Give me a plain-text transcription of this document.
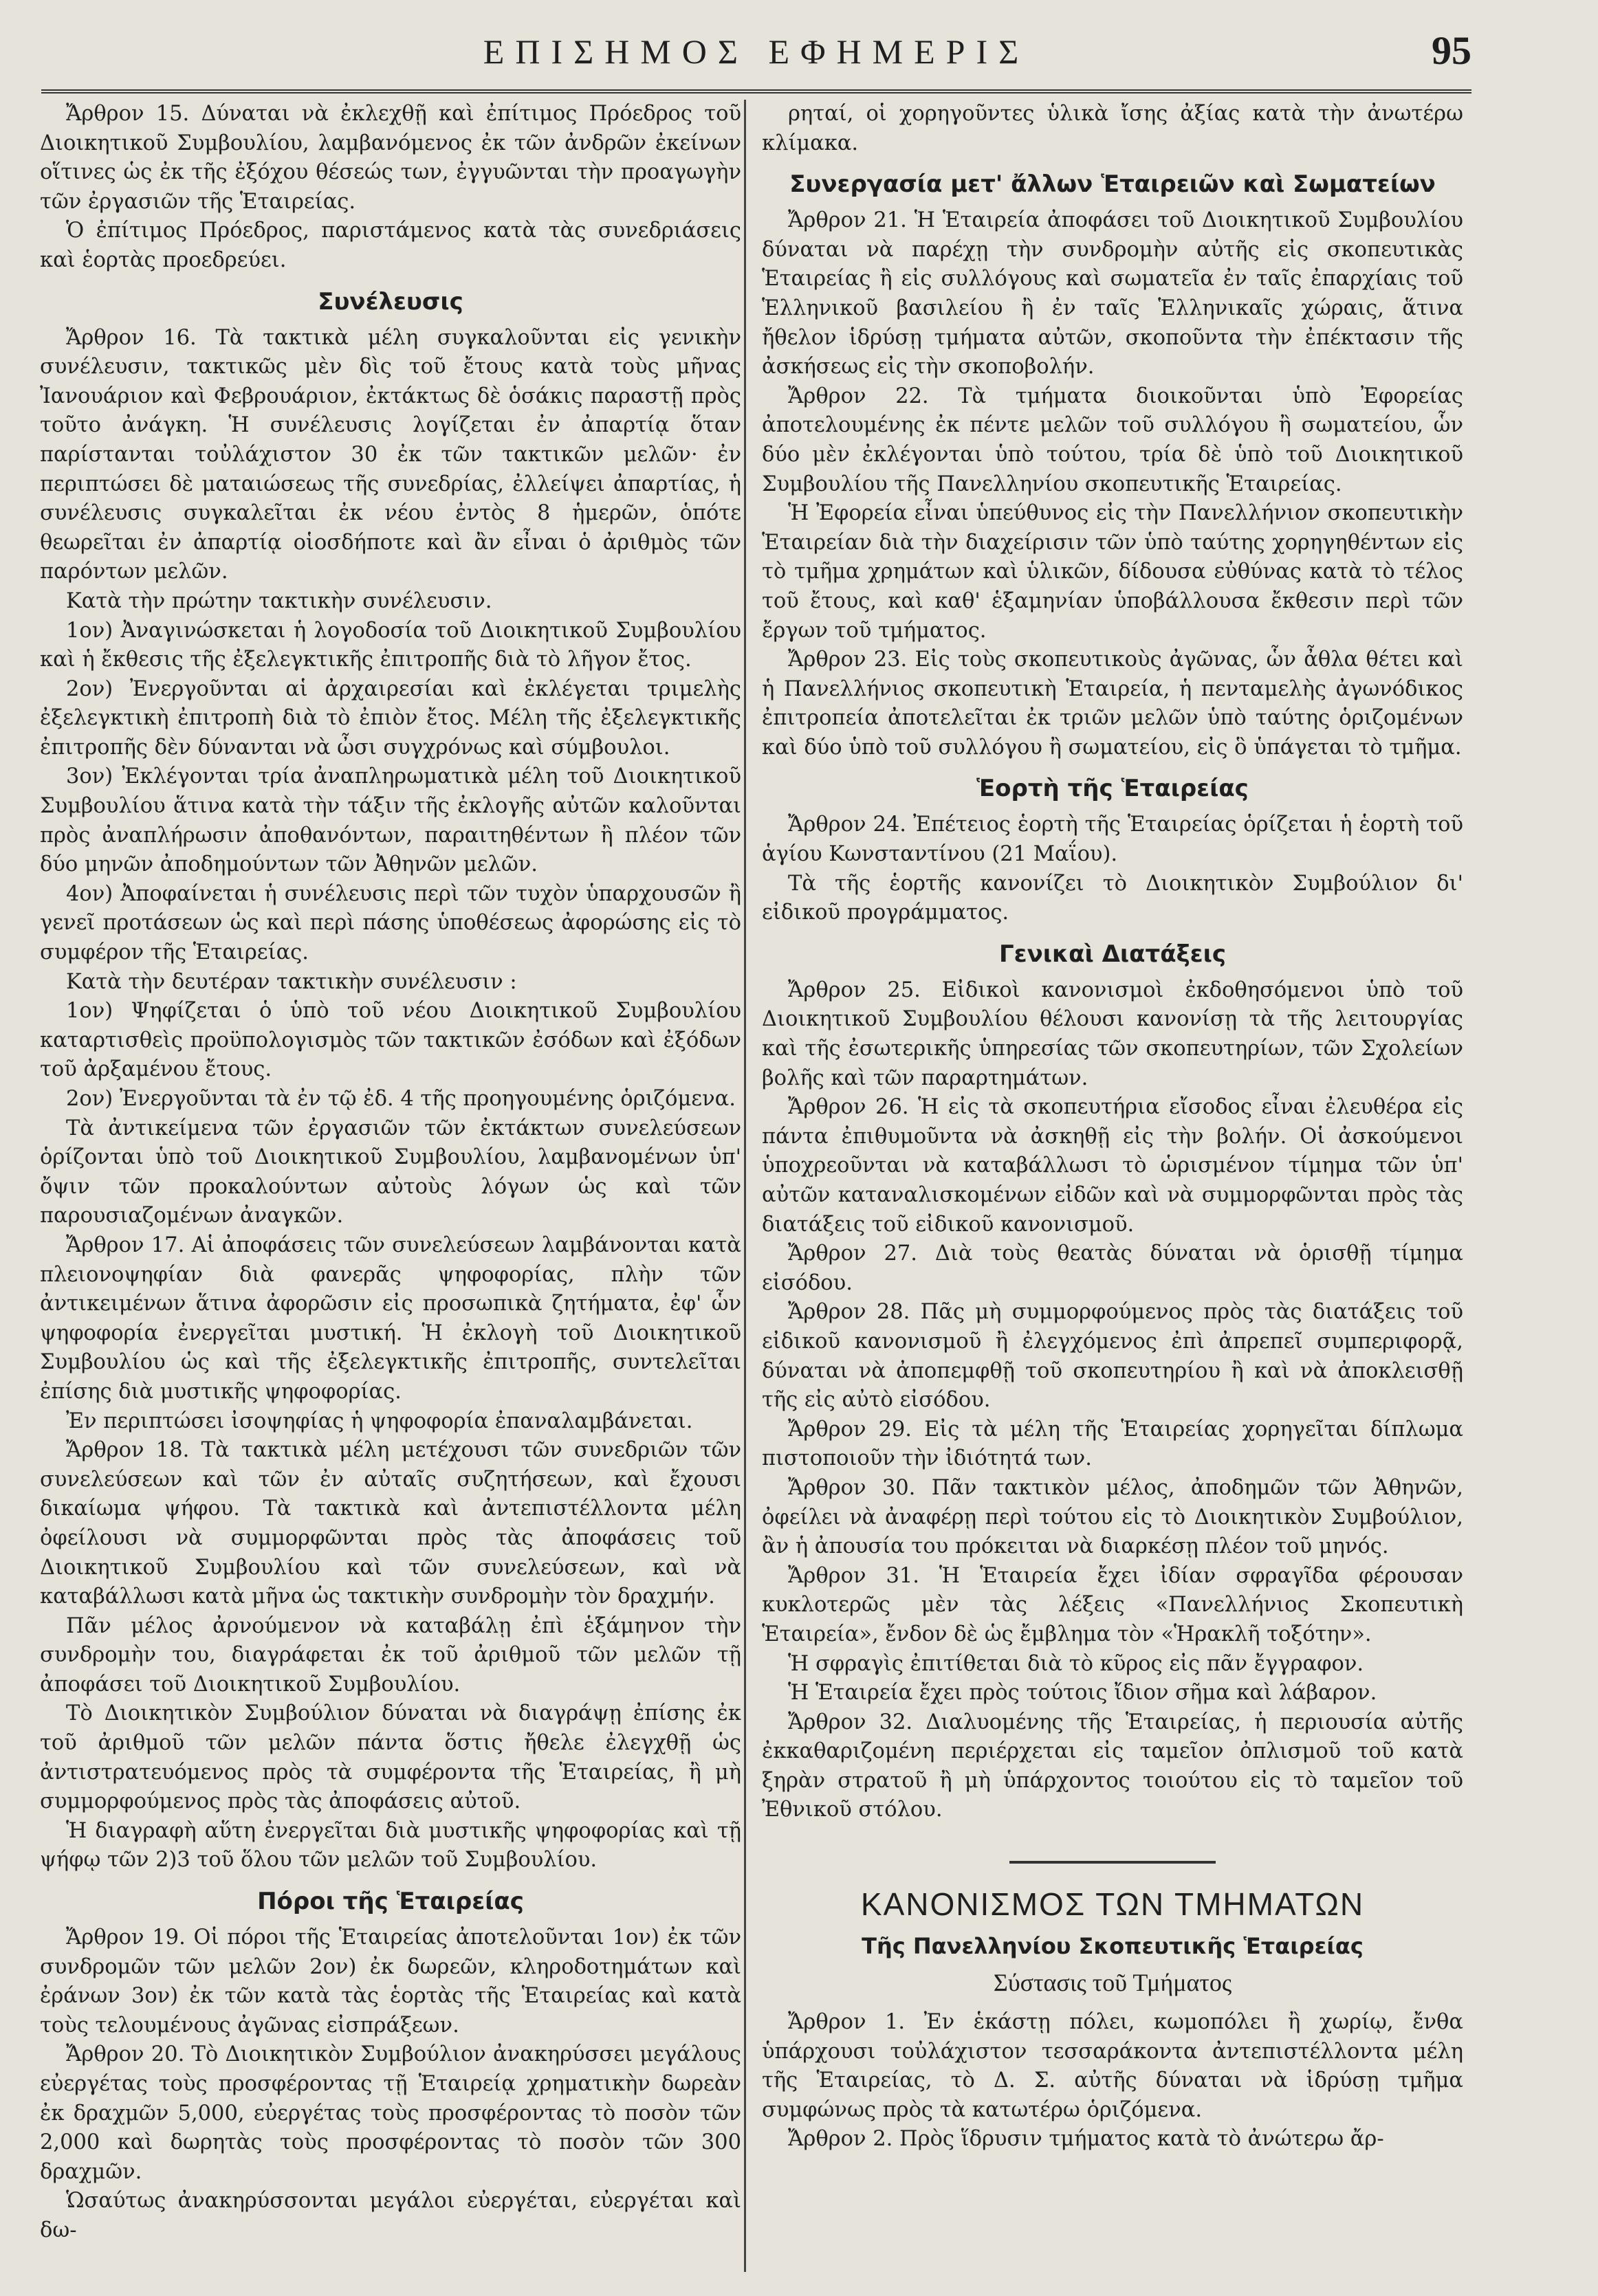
ΕΠΙΣΗΜΟΣ ΕΦΗΜΕΡΙΣ	95

Ἄρθρον 15. Δύναται νὰ ἐκλεχθῇ καὶ ἐπίτιμος Πρόεδρος τοῦ Διοικητικοῦ Συμβουλίου, λαμβανόμενος ἐκ τῶν ἀνδρῶν ἐκείνων οἵτινες ὡς ἐκ τῆς ἐξόχου θέσεώς των, ἐγγυῶνται τὴν προαγωγὴν τῶν ἐργασιῶν τῆς Ἑταιρείας.

Ὁ ἐπίτιμος Πρόεδρος, παριστάμενος κατὰ τὰς συνεδριάσεις καὶ ἑορτὰς προεδρεύει.

Συνέλευσις

Ἄρθρον 16. Τὰ τακτικὰ μέλη συγκαλοῦνται εἰς γενικὴν συνέλευσιν, τακτικῶς μὲν δὶς τοῦ ἔτους κατὰ τοὺς μῆνας Ἰανουάριον καὶ Φεβρουάριον, ἐκτάκτως δὲ ὁσάκις παραστῇ πρὸς τοῦτο ἀνάγκη. Ἡ συνέλευσις λογίζεται ἐν ἀπαρτίᾳ ὅταν παρίστανται τοὐλάχιστον 30 ἐκ τῶν τακτικῶν μελῶν· ἐν περιπτώσει δὲ ματαιώσεως τῆς συνεδρίας, ἐλλείψει ἀπαρτίας, ἡ συνέλευσις συγκαλεῖται ἐκ νέου ἐντὸς 8 ἡμερῶν, ὁπότε θεωρεῖται ἐν ἀπαρτίᾳ οἱοσδήποτε καὶ ἂν εἶναι ὁ ἀριθμὸς τῶν παρόντων μελῶν.

Κατὰ τὴν πρώτην τακτικὴν συνέλευσιν.

1ον) Ἀναγινώσκεται ἡ λογοδοσία τοῦ Διοικητικοῦ Συμβουλίου καὶ ἡ ἔκθεσις τῆς ἐξελεγκτικῆς ἐπιτροπῆς διὰ τὸ λῆγον ἔτος.

2ον) Ἐνεργοῦνται αἱ ἀρχαιρεσίαι καὶ ἐκλέγεται τριμελὴς ἐξελεγκτικὴ ἐπιτροπὴ διὰ τὸ ἐπιὸν ἔτος. Μέλη τῆς ἐξελεγκτικῆς ἐπιτροπῆς δὲν δύνανται νὰ ὦσι συγχρόνως καὶ σύμβουλοι.

3ον) Ἐκλέγονται τρία ἀναπληρωματικὰ μέλη τοῦ Διοικητικοῦ Συμβουλίου ἅτινα κατὰ τὴν τάξιν τῆς ἐκλογῆς αὐτῶν καλοῦνται πρὸς ἀναπλήρωσιν ἀποθανόντων, παραιτηθέντων ἢ πλέον τῶν δύο μηνῶν ἀποδημούντων τῶν Ἀθηνῶν μελῶν.

4ον) Ἀποφαίνεται ἡ συνέλευσις περὶ τῶν τυχὸν ὑπαρχουσῶν ἢ γενεῖ προτάσεων ὡς καὶ περὶ πάσης ὑποθέσεως ἀφορώσης εἰς τὸ συμφέρον τῆς Ἑταιρείας.

Κατὰ τὴν δευτέραν τακτικὴν συνέλευσιν :

1ον) Ψηφίζεται ὁ ὑπὸ τοῦ νέου Διοικητικοῦ Συμβουλίου καταρτισθεὶς προϋπολογισμὸς τῶν τακτικῶν ἐσόδων καὶ ἐξόδων τοῦ ἀρξαμένου ἔτους.

2ον) Ἐνεργοῦνται τὰ ἐν τῷ ἐδ. 4 τῆς προηγουμένης ὁριζόμενα.

Τὰ ἀντικείμενα τῶν ἐργασιῶν τῶν ἐκτάκτων συνελεύσεων ὁρίζονται ὑπὸ τοῦ Διοικητικοῦ Συμβουλίου, λαμβανομένων ὑπ' ὄψιν τῶν προκαλούντων αὐτοὺς λόγων ὡς καὶ τῶν παρουσιαζομένων ἀναγκῶν.

Ἄρθρον 17. Αἱ ἀποφάσεις τῶν συνελεύσεων λαμβάνονται κατὰ πλειονοψηφίαν διὰ φανερᾶς ψηφοφορίας, πλὴν τῶν ἀντικειμένων ἅτινα ἀφορῶσιν εἰς προσωπικὰ ζητήματα, ἐφ' ὧν ψηφοφορία ἐνεργεῖται μυστική. Ἡ ἐκλογὴ τοῦ Διοικητικοῦ Συμβουλίου ὡς καὶ τῆς ἐξελεγκτικῆς ἐπιτροπῆς, συντελεῖται ἐπίσης διὰ μυστικῆς ψηφοφορίας.

Ἐν περιπτώσει ἰσοψηφίας ἡ ψηφοφορία ἐπαναλαμβάνεται.

Ἄρθρον 18. Τὰ τακτικὰ μέλη μετέχουσι τῶν συνεδριῶν τῶν συνελεύσεων καὶ τῶν ἐν αὐταῖς συζητήσεων, καὶ ἔχουσι δικαίωμα ψήφου. Τὰ τακτικὰ καὶ ἀντεπιστέλλοντα μέλη ὀφείλουσι νὰ συμμορφῶνται πρὸς τὰς ἀποφάσεις τοῦ Διοικητικοῦ Συμβουλίου καὶ τῶν συνελεύσεων, καὶ νὰ καταβάλλωσι κατὰ μῆνα ὡς τακτικὴν συνδρομὴν τὸν δραχμήν.

Πᾶν μέλος ἀρνούμενον νὰ καταβάλῃ ἐπὶ ἑξάμηνον τὴν συνδρομὴν του, διαγράφεται ἐκ τοῦ ἀριθμοῦ τῶν μελῶν τῇ ἀποφάσει τοῦ Διοικητικοῦ Συμβουλίου.

Τὸ Διοικητικὸν Συμβούλιον δύναται νὰ διαγράψῃ ἐπίσης ἐκ τοῦ ἀριθμοῦ τῶν μελῶν πάντα ὅστις ἤθελε ἐλεγχθῇ ὡς ἀντιστρατευόμενος πρὸς τὰ συμφέροντα τῆς Ἑταιρείας, ἢ μὴ συμμορφούμενος πρὸς τὰς ἀποφάσεις αὐτοῦ.

Ἡ διαγραφὴ αὕτη ἐνεργεῖται διὰ μυστικῆς ψηφοφορίας καὶ τῇ ψήφῳ τῶν 2)3 τοῦ ὅλου τῶν μελῶν τοῦ Συμβουλίου.

Πόροι τῆς Ἑταιρείας

Ἄρθρον 19. Οἱ πόροι τῆς Ἑταιρείας ἀποτελοῦνται 1ον) ἐκ τῶν συνδρομῶν τῶν μελῶν 2ον) ἐκ δωρεῶν, κληροδοτημάτων καὶ ἐράνων 3ον) ἐκ τῶν κατὰ τὰς ἑορτὰς τῆς Ἑταιρείας καὶ κατὰ τοὺς τελουμένους ἀγῶνας εἰσπράξεων.

Ἄρθρον 20. Τὸ Διοικητικὸν Συμβούλιον ἀνακηρύσσει μεγάλους εὐεργέτας τοὺς προσφέροντας τῇ Ἑταιρείᾳ χρηματικὴν δωρεὰν ἐκ δραχμῶν 5,000, εὐεργέτας τοὺς προσφέροντας τὸ ποσὸν τῶν 2,000 καὶ δωρητὰς τοὺς προσφέροντας τὸ ποσὸν τῶν 300 δραχμῶν.

Ὡσαύτως ἀνακηρύσσονται μεγάλοι εὐεργέται, εὐεργέται καὶ δω-

ρηταί, οἱ χορηγοῦντες ὑλικὰ ἴσης ἀξίας κατὰ τὴν ἀνωτέρω κλίμακα.

Συνεργασία μετ' ἄλλων Ἑταιρειῶν καὶ Σωματείων

Ἄρθρον 21. Ἡ Ἑταιρεία ἀποφάσει τοῦ Διοικητικοῦ Συμβουλίου δύναται νὰ παρέχῃ τὴν συνδρομὴν αὐτῆς εἰς σκοπευτικὰς Ἑταιρείας ἢ εἰς συλλόγους καὶ σωματεῖα ἐν ταῖς ἐπαρχίαις τοῦ Ἑλληνικοῦ βασιλείου ἢ ἐν ταῖς Ἑλληνικαῖς χώραις, ἅτινα ἤθελον ἱδρύσῃ τμήματα αὐτῶν, σκοποῦντα τὴν ἐπέκτασιν τῆς ἀσκήσεως εἰς τὴν σκοποβολήν.

Ἄρθρον 22. Τὰ τμήματα διοικοῦνται ὑπὸ Ἐφορείας ἀποτελουμένης ἐκ πέντε μελῶν τοῦ συλλόγου ἢ σωματείου, ὧν δύο μὲν ἐκλέγονται ὑπὸ τούτου, τρία δὲ ὑπὸ τοῦ Διοικητικοῦ Συμβουλίου τῆς Πανελληνίου σκοπευτικῆς Ἑταιρείας.

Ἡ Ἐφορεία εἶναι ὑπεύθυνος εἰς τὴν Πανελλήνιον σκοπευτικὴν Ἑταιρείαν διὰ τὴν διαχείρισιν τῶν ὑπὸ ταύτης χορηγηθέντων εἰς τὸ τμῆμα χρημάτων καὶ ὑλικῶν, δίδουσα εὐθύνας κατὰ τὸ τέλος τοῦ ἔτους, καὶ καθ' ἑξαμηνίαν ὑποβάλλουσα ἔκθεσιν περὶ τῶν ἔργων τοῦ τμήματος.

Ἄρθρον 23. Εἰς τοὺς σκοπευτικοὺς ἀγῶνας, ὧν ἆθλα θέτει καὶ ἡ Πανελλήνιος σκοπευτικὴ Ἑταιρεία, ἡ πενταμελὴς ἀγωνόδικος ἐπιτροπεία ἀποτελεῖται ἐκ τριῶν μελῶν ὑπὸ ταύτης ὁριζομένων καὶ δύο ὑπὸ τοῦ συλλόγου ἢ σωματείου, εἰς ὃ ὑπάγεται τὸ τμῆμα.

Ἑορτὴ τῆς Ἑταιρείας

Ἄρθρον 24. Ἐπέτειος ἑορτὴ τῆς Ἑταιρείας ὁρίζεται ἡ ἑορτὴ τοῦ ἁγίου Κωνσταντίνου (21 Μαΐου).

Τὰ τῆς ἑορτῆς κανονίζει τὸ Διοικητικὸν Συμβούλιον δι' εἰδικοῦ προγράμματος.

Γενικαὶ Διατάξεις

Ἄρθρον 25. Εἰδικοὶ κανονισμοὶ ἐκδοθησόμενοι ὑπὸ τοῦ Διοικητικοῦ Συμβουλίου θέλουσι κανονίσῃ τὰ τῆς λειτουργίας καὶ τῆς ἐσωτερικῆς ὑπηρεσίας τῶν σκοπευτηρίων, τῶν Σχολείων βολῆς καὶ τῶν παραρτημάτων.

Ἄρθρον 26. Ἡ εἰς τὰ σκοπευτήρια εἴσοδος εἶναι ἐλευθέρα εἰς πάντα ἐπιθυμοῦντα νὰ ἀσκηθῇ εἰς τὴν βολήν. Οἱ ἀσκούμενοι ὑποχρεοῦνται νὰ καταβάλλωσι τὸ ὡρισμένον τίμημα τῶν ὑπ' αὐτῶν καταναλισκομένων εἰδῶν καὶ νὰ συμμορφῶνται πρὸς τὰς διατάξεις τοῦ εἰδικοῦ κανονισμοῦ.

Ἄρθρον 27. Διὰ τοὺς θεατὰς δύναται νὰ ὁρισθῇ τίμημα εἰσόδου.

Ἄρθρον 28. Πᾶς μὴ συμμορφούμενος πρὸς τὰς διατάξεις τοῦ εἰδικοῦ κανονισμοῦ ἢ ἐλεγχόμενος ἐπὶ ἀπρεπεῖ συμπεριφορᾷ, δύναται νὰ ἀποπεμφθῇ τοῦ σκοπευτηρίου ἢ καὶ νὰ ἀποκλεισθῇ τῆς εἰς αὐτὸ εἰσόδου.

Ἄρθρον 29. Εἰς τὰ μέλη τῆς Ἑταιρείας χορηγεῖται δίπλωμα πιστοποιοῦν τὴν ἰδιότητά των.

Ἄρθρον 30. Πᾶν τακτικὸν μέλος, ἀποδημῶν τῶν Ἀθηνῶν, ὀφείλει νὰ ἀναφέρῃ περὶ τούτου εἰς τὸ Διοικητικὸν Συμβούλιον, ἂν ἡ ἀπουσία του πρόκειται νὰ διαρκέσῃ πλέον τοῦ μηνός.

Ἄρθρον 31. Ἡ Ἑταιρεία ἔχει ἰδίαν σφραγῖδα φέρουσαν κυκλοτερῶς μὲν τὰς λέξεις «Πανελλήνιος Σκοπευτικὴ Ἑταιρεία», ἔνδον δὲ ὡς ἔμβλημα τὸν «Ἡρακλῆ τοξότην».

Ἡ σφραγὶς ἐπιτίθεται διὰ τὸ κῦρος εἰς πᾶν ἔγγραφον.

Ἡ Ἑταιρεία ἔχει πρὸς τούτοις ἴδιον σῆμα καὶ λάβαρον.

Ἄρθρον 32. Διαλυομένης τῆς Ἑταιρείας, ἡ περιουσία αὐτῆς ἐκκαθαριζομένη περιέρχεται εἰς ταμεῖον ὀπλισμοῦ τοῦ κατὰ ξηρὰν στρατοῦ ἢ μὴ ὑπάρχοντος τοιούτου εἰς τὸ ταμεῖον τοῦ Ἐθνικοῦ στόλου.

ΚΑΝΟΝΙΣΜΟΣ ΤΩΝ ΤΜΗΜΑΤΩΝ
Τῆς Πανελληνίου Σκοπευτικῆς Ἑταιρείας
Σύστασις τοῦ Τμήματος

Ἄρθρον 1. Ἐν ἑκάστῃ πόλει, κωμοπόλει ἢ χωρίῳ, ἔνθα ὑπάρχουσι τοὐλάχιστον τεσσαράκοντα ἀντεπιστέλλοντα μέλη τῆς Ἑταιρείας, τὸ Δ. Σ. αὐτῆς δύναται νὰ ἱδρύσῃ τμῆμα συμφώνως πρὸς τὰ κατωτέρω ὁριζόμενα.

Ἄρθρον 2. Πρὸς ἵδρυσιν τμήματος κατὰ τὸ ἀνώτερω ἄρ-
